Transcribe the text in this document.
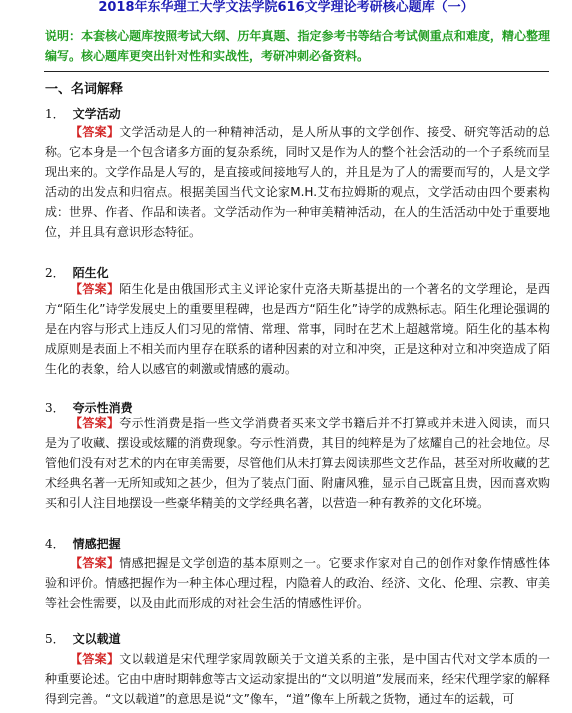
2018年东华理工大学文法学院616文学理论考研核心题库（一）
说明：本套核心题库按照考试大纲、历年真题、指定参考书等结合考试侧重点和难度，精心整理编写。核心题库更突出针对性和实战性，考研冲刺必备资料。
一、名词解释
1． 文学活动
【答案】文学活动是人的一种精神活动，是人所从事的文学创作、接受、研究等活动的总称。它本身是一个包含诸多方面的复杂系统，同时又是作为人的整个社会活动的一个子系统而呈现出来的。文学作品是人写的，是直接或间接地写人的，并且是为了人的需要而写的，人是文学活动的出发点和归宿点。根据美国当代文论家M.H.艾布拉姆斯的观点，文学活动由四个要素构成：世界、作者、作品和读者。文学活动作为一种审美精神活动，在人的生活活动中处于重要地位，并且具有意识形态特征。
2． 陌生化
【答案】陌生化是由俄国形式主义评论家什克洛夫斯基提出的一个著名的文学理论，是西方“陌生化”诗学发展史上的重要里程碑，也是西方“陌生化”诗学的成熟标志。陌生化理论强调的是在内容与形式上违反人们习见的常情、常理、常事，同时在艺术上超越常境。陌生化的基本构成原则是表面上不相关而内里存在联系的诸种因素的对立和冲突，正是这种对立和冲突造成了陌生化的表象，给人以感官的刺激或情感的震动。
3． 夸示性消费
【答案】夸示性消费是指一些文学消费者买来文学书籍后并不打算或并未进入阅读，而只是为了收藏、摆设或炫耀的消费现象。夸示性消费，其目的纯粹是为了炫耀自己的社会地位。尽管他们没有对艺术的内在审美需要，尽管他们从未打算去阅读那些文艺作品，甚至对所收藏的艺术经典名著一无所知或知之甚少，但为了装点门面、附庸风雅，显示自己既富且贵，因而喜欢购买和引人注目地摆设一些豪华精美的文学经典名著，以营造一种有教养的文化环境。
4． 情感把握
【答案】情感把握是文学创造的基本原则之一。它要求作家对自己的创作对象作情感性体验和评价。情感把握作为一种主体心理过程，内隐着人的政治、经济、文化、伦理、宗教、审美等社会性需要，以及由此而形成的对社会生活的情感性评价。
5． 文以载道
【答案】文以载道是宋代理学家周敦颐关于文道关系的主张，是中国古代对文学本质的一种重要论述。它由中唐时期韩愈等古文运动家提出的“文以明道”发展而来，经宋代理学家的解释得到完善。“文以载道”的意思是说“文”像车，“道”像车上所载之货物，通过车的运载，可
